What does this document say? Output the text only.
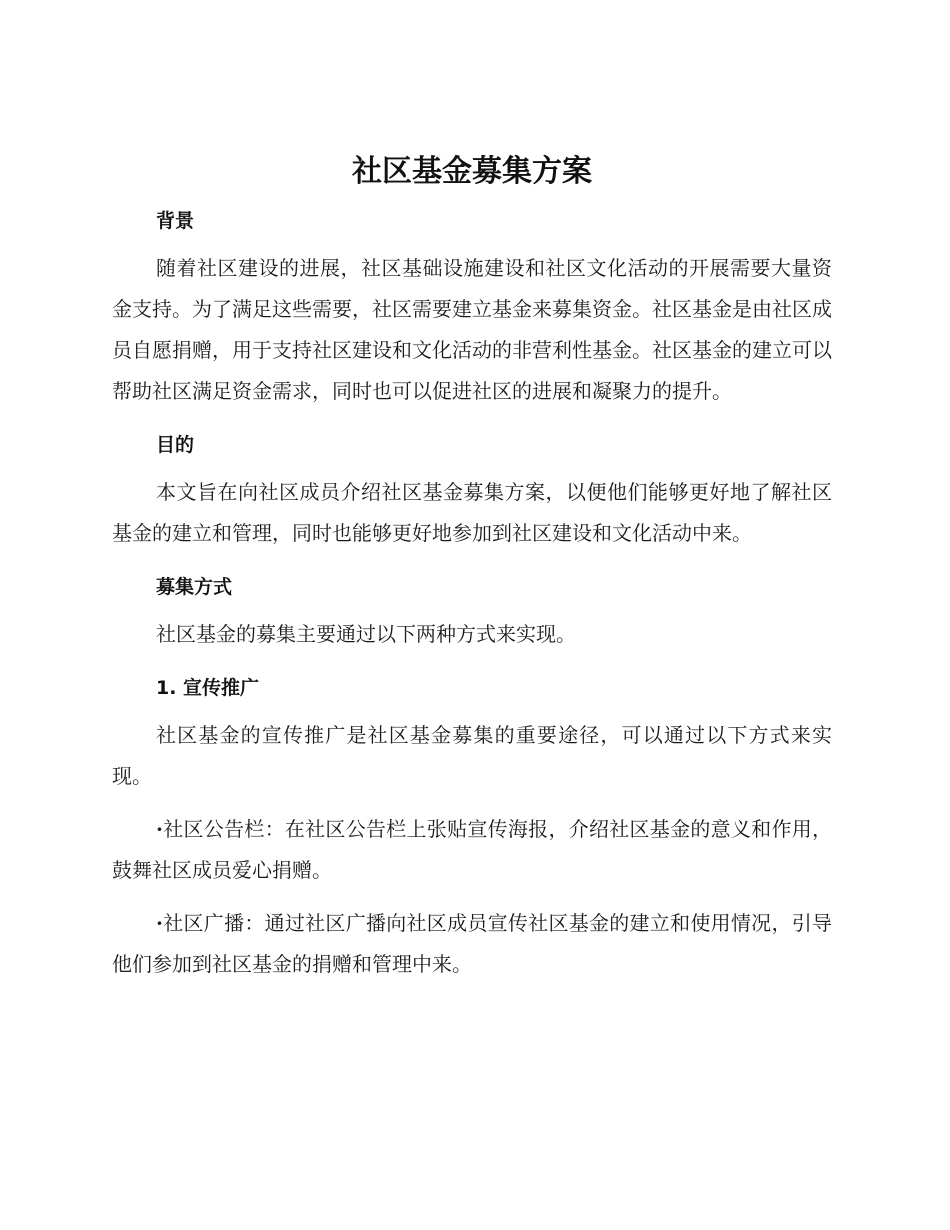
社区基金募集方案
背景

随着社区建设的进展，社区基础设施建设和社区文化活动的开展需要大量资金支持。为了满足这些需要，社区需要建立基金来募集资金。社区基金是由社区成员自愿捐赠，用于支持社区建设和文化活动的非营利性基金。社区基金的建立可以帮助社区满足资金需求，同时也可以促进社区的进展和凝聚力的提升。

目的

本文旨在向社区成员介绍社区基金募集方案，以便他们能够更好地了解社区基金的建立和管理，同时也能够更好地参加到社区建设和文化活动中来。

募集方式

社区基金的募集主要通过以下两种方式来实现。

1. 宣传推广

社区基金的宣传推广是社区基金募集的重要途径，可以通过以下方式来实现。

·社区公告栏：在社区公告栏上张贴宣传海报，介绍社区基金的意义和作用，鼓舞社区成员爱心捐赠。

·社区广播：通过社区广播向社区成员宣传社区基金的建立和使用情况，引导他们参加到社区基金的捐赠和管理中来。
